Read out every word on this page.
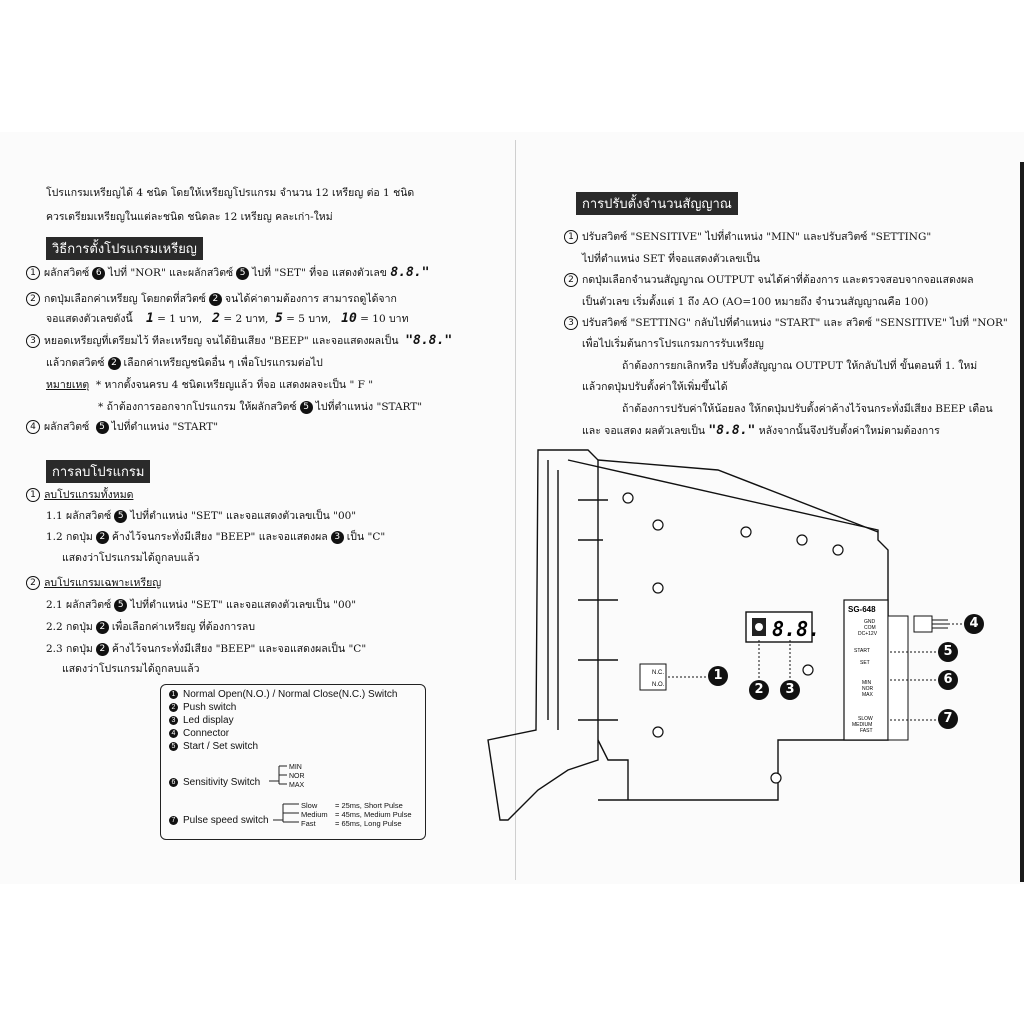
โปรแกรมเหรียญได้ 4 ชนิด โดยให้เหรียญโปรแกรม จำนวน 12 เหรียญ ต่อ 1 ชนิด
ควรเตรียมเหรียญในแต่ละชนิด ชนิดละ 12 เหรียญ คละเก่า-ใหม่
วิธีการตั้งโปรแกรมเหรียญ
1 ผลักสวิตซ์ 6 ไปที่ "NOR" และผลักสวิตซ์ 5 ไปที่ "SET" ที่จอ แสดงตัวเลข 8.8."
2 กดปุ่มเลือกค่าเหรียญ โดยกดที่สวิตซ์ 2 จนได้ค่าตามต้องการ สามารถดูได้จาก
จอแสดงตัวเลขดังนี้ 1 = 1 บาท, 2 = 2 บาท, 5 = 5 บาท, 10 = 10 บาท
3 หยอดเหรียญที่เตรียมไว้ ทีละเหรียญ จนได้ยินเสียง "BEEP" และจอแสดงผลเป็น "8.8."
แล้วกดสวิตซ์ 2 เลือกค่าเหรียญชนิดอื่น ๆ เพื่อโปรแกรมต่อไป
หมายเหตุ * หากตั้งจนครบ 4 ชนิดเหรียญแล้ว ที่จอ แสดงผลจะเป็น " F "
* ถ้าต้องการออกจากโปรแกรม ให้ผลักสวิตซ์ 5 ไปที่ตำแหน่ง "START"
4 ผลักสวิตซ์ 5 ไปที่ตำแหน่ง "START"
การลบโปรแกรม
1 ลบโปรแกรมทั้งหมด
1.1 ผลักสวิตซ์ 5 ไปที่ตำแหน่ง "SET" และจอแสดงตัวเลขเป็น "00"
1.2 กดปุ่ม 2 ค้างไว้จนกระทั่งมีเสียง "BEEP" และจอแสดงผล 3 เป็น "C"
แสดงว่าโปรแกรมได้ถูกลบแล้ว
2 ลบโปรแกรมเฉพาะเหรียญ
2.1 ผลักสวิตซ์ 5 ไปที่ตำแหน่ง "SET" และจอแสดงตัวเลขเป็น "00"
2.2 กดปุ่ม 2 เพื่อเลือกค่าเหรียญ ที่ต้องการลบ
2.3 กดปุ่ม 2 ค้างไว้จนกระทั่งมีเสียง "BEEP" และจอแสดงผลเป็น "C"
แสดงว่าโปรแกรมได้ถูกลบแล้ว
1 Normal Open(N.O.) / Normal Close(N.C.) Switch
2 Push switch
3 Led display
4 Connector
5 Start / Set switch
6 Sensitivity Switch
MIN
NOR
MAX
7 Pulse speed switch
Slow = 25ms, Short Pulse
Medium = 45ms, Medium Pulse
Fast	= 65ms, Long Pulse
การปรับตั้งจำนวนสัญญาณ
1 ปรับสวิตซ์ "SENSITIVE" ไปที่ตำแหน่ง "MIN" และปรับสวิตซ์ "SETTING"
ไปที่ตำแหน่ง SET ที่จอแสดงตัวเลขเป็น
2 กดปุ่มเลือกจำนวนสัญญาณ OUTPUT จนได้ค่าที่ต้องการ และตรวจสอบจากจอแสดงผล
เป็นตัวเลข เริ่มตั้งแต่ 1 ถึง AO (AO=100 หมายถึง จำนวนสัญญาณคือ 100)
3 ปรับสวิตซ์ "SETTING" กลับไปที่ตำแหน่ง "START" และ สวิตซ์ "SENSITIVE" ไปที่ "NOR"
เพื่อไปเริ่มต้นการโปรแกรมการรับเหรียญ
ถ้าต้องการยกเลิกหรือ ปรับตั้งสัญญาณ OUTPUT ให้กลับไปที่ ขั้นตอนที่ 1. ใหม่
แล้วกดปุ่มปรับตั้งค่าให้เพิ่มขึ้นได้
ถ้าต้องการปรับค่าให้น้อยลง ให้กดปุ่มปรับตั้งค่าค้างไว้จนกระทั่งมีเสียง BEEP เตือน
และ จอแสดง ผลตัวเลขเป็น "8.8." หลังจากนั้นจึงปรับตั้งค่าใหม่ตามต้องการ
N.C.
N.O.
8.8.
SG-648
GND
COM
DC+12V
START
SET
MIN
NOR
MAX
SLOW
MEDIUM
FAST
1
2	3
4
5
6
7
